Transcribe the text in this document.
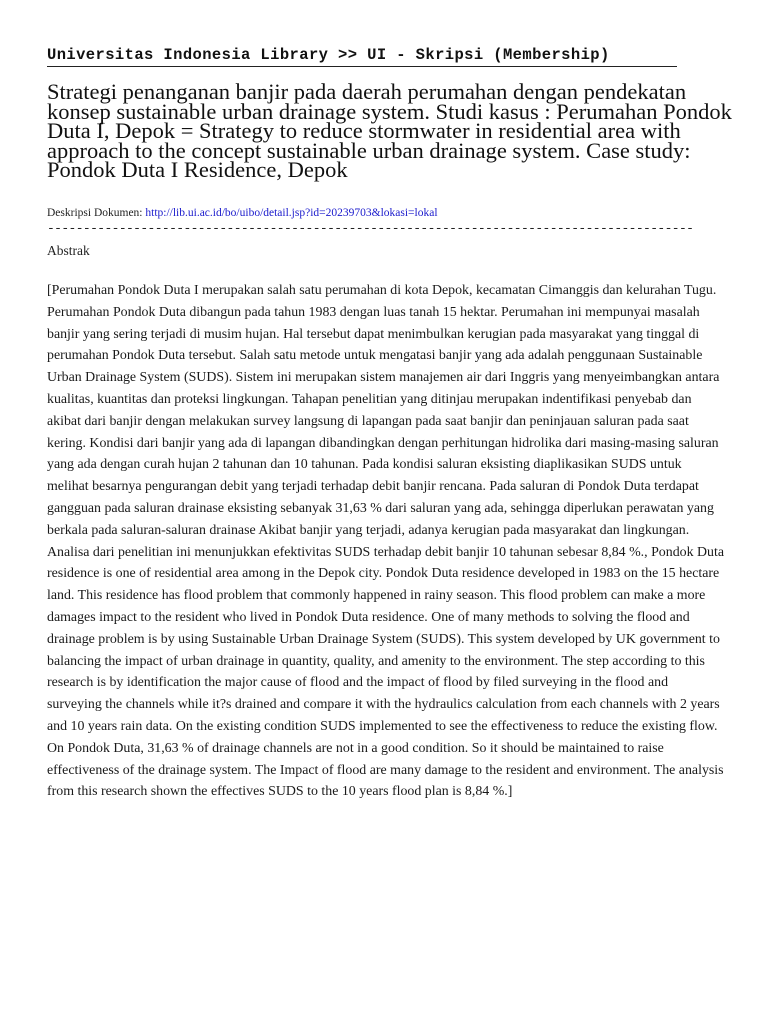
Universitas Indonesia Library >> UI - Skripsi (Membership)
Strategi penanganan banjir pada daerah perumahan dengan pendekatan konsep sustainable urban drainage system. Studi kasus : Perumahan Pondok Duta I, Depok = Strategy to reduce stormwater in residential area with approach to the concept sustainable urban drainage system. Case study: Pondok Duta I Residence, Depok
Deskripsi Dokumen: http://lib.ui.ac.id/bo/uibo/detail.jsp?id=20239703&lokasi=lokal
------------------------------------------------------------------------------------------
Abstrak

[Perumahan Pondok Duta I merupakan salah satu perumahan di kota Depok, kecamatan Cimanggis dan kelurahan Tugu. Perumahan Pondok Duta dibangun pada tahun 1983 dengan luas tanah 15 hektar. Perumahan ini mempunyai masalah banjir yang sering terjadi di musim hujan. Hal tersebut dapat menimbulkan kerugian pada masyarakat yang tinggal di perumahan Pondok Duta tersebut. Salah satu metode untuk mengatasi banjir yang ada adalah penggunaan Sustainable Urban Drainage System (SUDS). Sistem ini merupakan sistem manajemen air dari Inggris yang menyeimbangkan antara kualitas, kuantitas dan proteksi lingkungan. Tahapan penelitian yang ditinjau merupakan indentifikasi penyebab dan akibat dari banjir dengan melakukan survey langsung di lapangan pada saat banjir dan peninjauan saluran pada saat kering. Kondisi dari banjir yang ada di lapangan dibandingkan dengan perhitungan hidrolika dari masing-masing saluran yang ada dengan curah hujan 2 tahunan dan 10 tahunan. Pada kondisi saluran eksisting diaplikasikan SUDS untuk melihat besarnya pengurangan debit yang terjadi terhadap debit banjir rencana. Pada saluran di Pondok Duta terdapat gangguan pada saluran drainase eksisting sebanyak 31,63 % dari saluran yang ada, sehingga diperlukan perawatan yang berkala pada saluran-saluran drainase Akibat banjir yang terjadi, adanya kerugian pada masyarakat dan lingkungan. Analisa dari penelitian ini menunjukkan efektivitas SUDS terhadap debit banjir 10 tahunan sebesar 8,84 %., Pondok Duta residence is one of residential area among in the Depok city. Pondok Duta residence developed in 1983 on the 15 hectare land. This residence has flood problem that commonly happened in rainy season. This flood problem can make a more damages impact to the resident who lived in Pondok Duta residence. One of many methods to solving the flood and drainage problem is by using Sustainable Urban Drainage System (SUDS). This system developed by UK government to balancing the impact of urban drainage in quantity, quality, and amenity to the environment. The step according to this research is by identification the major cause of flood and the impact of flood by filed surveying in the flood and surveying the channels while it?s drained and compare it with the hydraulics calculation from each channels with 2 years and 10 years rain data. On the existing condition SUDS implemented to see the effectiveness to reduce the existing flow. On Pondok Duta, 31,63 % of drainage channels are not in a good condition. So it should be maintained to raise effectiveness of the drainage system. The Impact of flood are many damage to the resident and environment. The analysis from this research shown the effectives SUDS to the 10 years flood plan is 8,84 %.]
